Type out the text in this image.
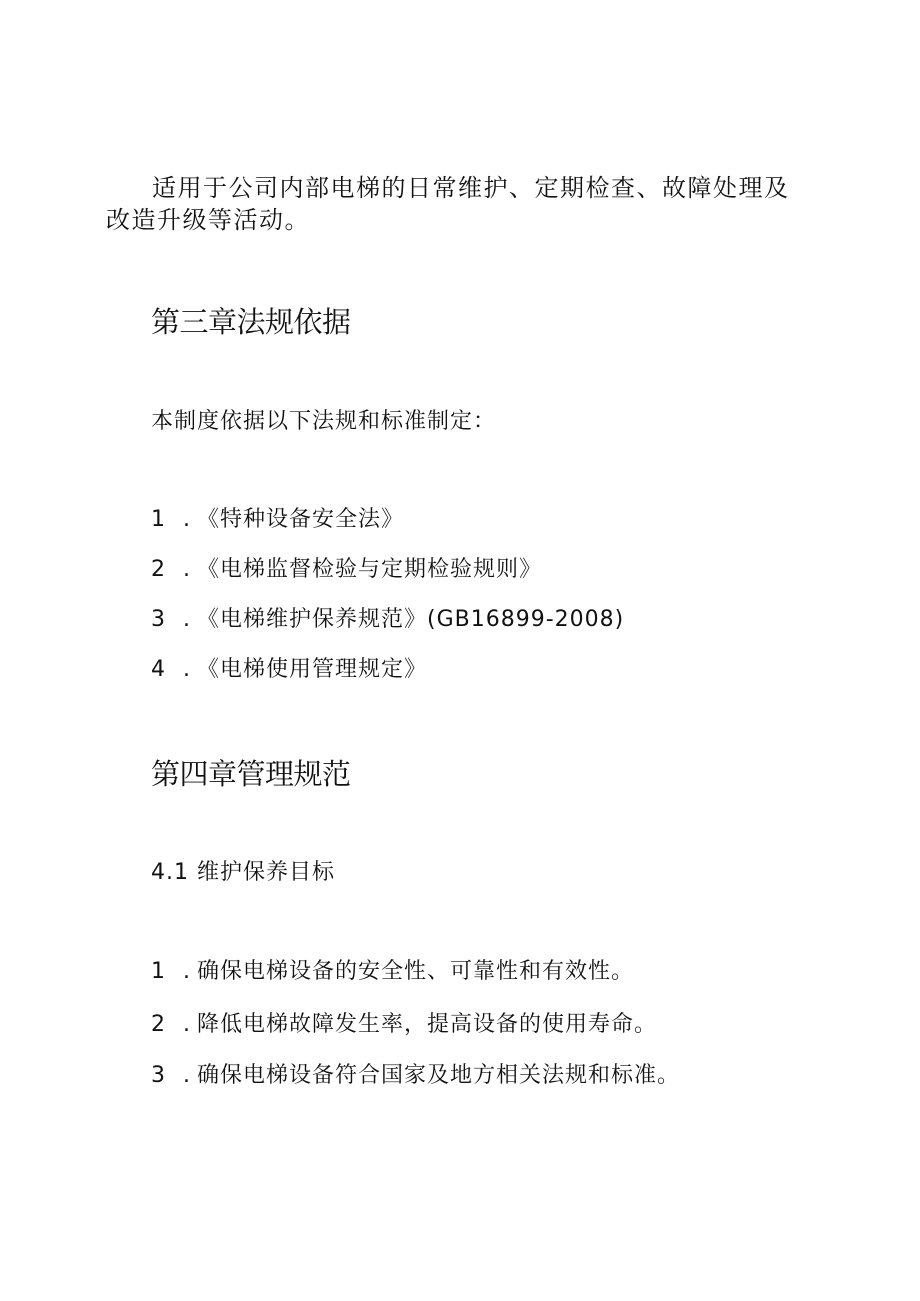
适用于公司内部电梯的日常维护、定期检查、故障处理及改造升级等活动。

第三章法规依据

本制度依据以下法规和标准制定：

1 . 《特种设备安全法》

2 . 《电梯监督检验与定期检验规则》

3 . 《电梯维护保养规范》(GB16899-2008)

4 . 《电梯使用管理规定》

第四章管理规范

4.1 维护保养目标

1 . 确保电梯设备的安全性、可靠性和有效性。

2 . 降低电梯故障发生率，提高设备的使用寿命。

3 . 确保电梯设备符合国家及地方相关法规和标准。
